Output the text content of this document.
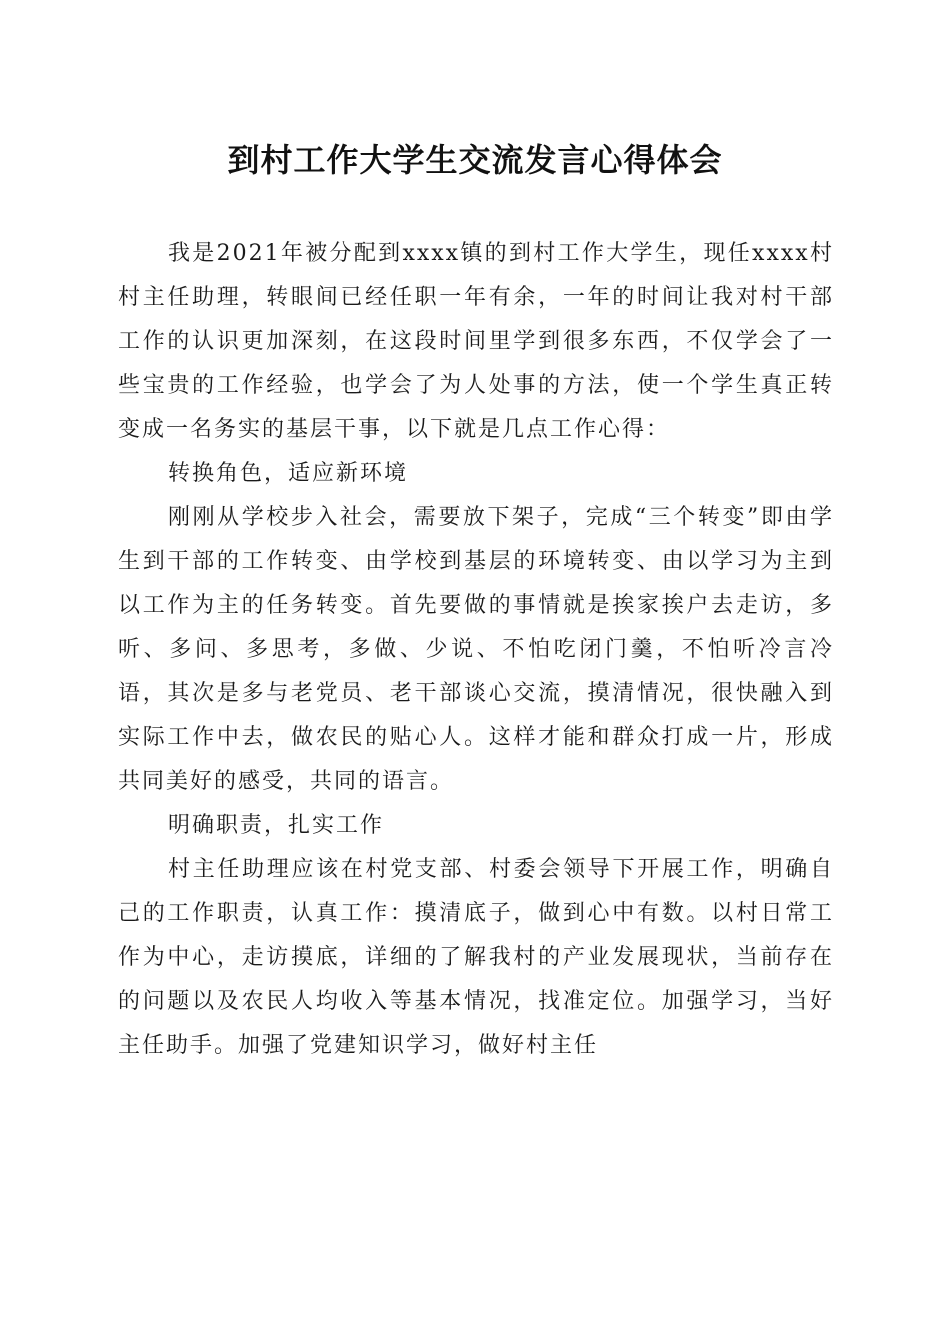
到村工作大学生交流发言心得体会

我是2021年被分配到xxxx镇的到村工作大学生，现任xxxx村村主任助理，转眼间已经任职一年有余，一年的时间让我对村干部工作的认识更加深刻，在这段时间里学到很多东西，不仅学会了一些宝贵的工作经验，也学会了为人处事的方法，使一个学生真正转变成一名务实的基层干事，以下就是几点工作心得：

转换角色，适应新环境

刚刚从学校步入社会，需要放下架子，完成“三个转变”即由学生到干部的工作转变、由学校到基层的环境转变、由以学习为主到以工作为主的任务转变。首先要做的事情就是挨家挨户去走访，多听、多问、多思考，多做、少说、不怕吃闭门羹，不怕听冷言冷语，其次是多与老党员、老干部谈心交流，摸清情况，很快融入到实际工作中去，做农民的贴心人。这样才能和群众打成一片，形成共同美好的感受，共同的语言。

明确职责，扎实工作

村主任助理应该在村党支部、村委会领导下开展工作，明确自己的工作职责，认真工作：摸清底子，做到心中有数。以村日常工作为中心，走访摸底，详细的了解我村的产业发展现状，当前存在的问题以及农民人均收入等基本情况，找准定位。加强学习，当好主任助手。加强了党建知识学习，做好村主任
